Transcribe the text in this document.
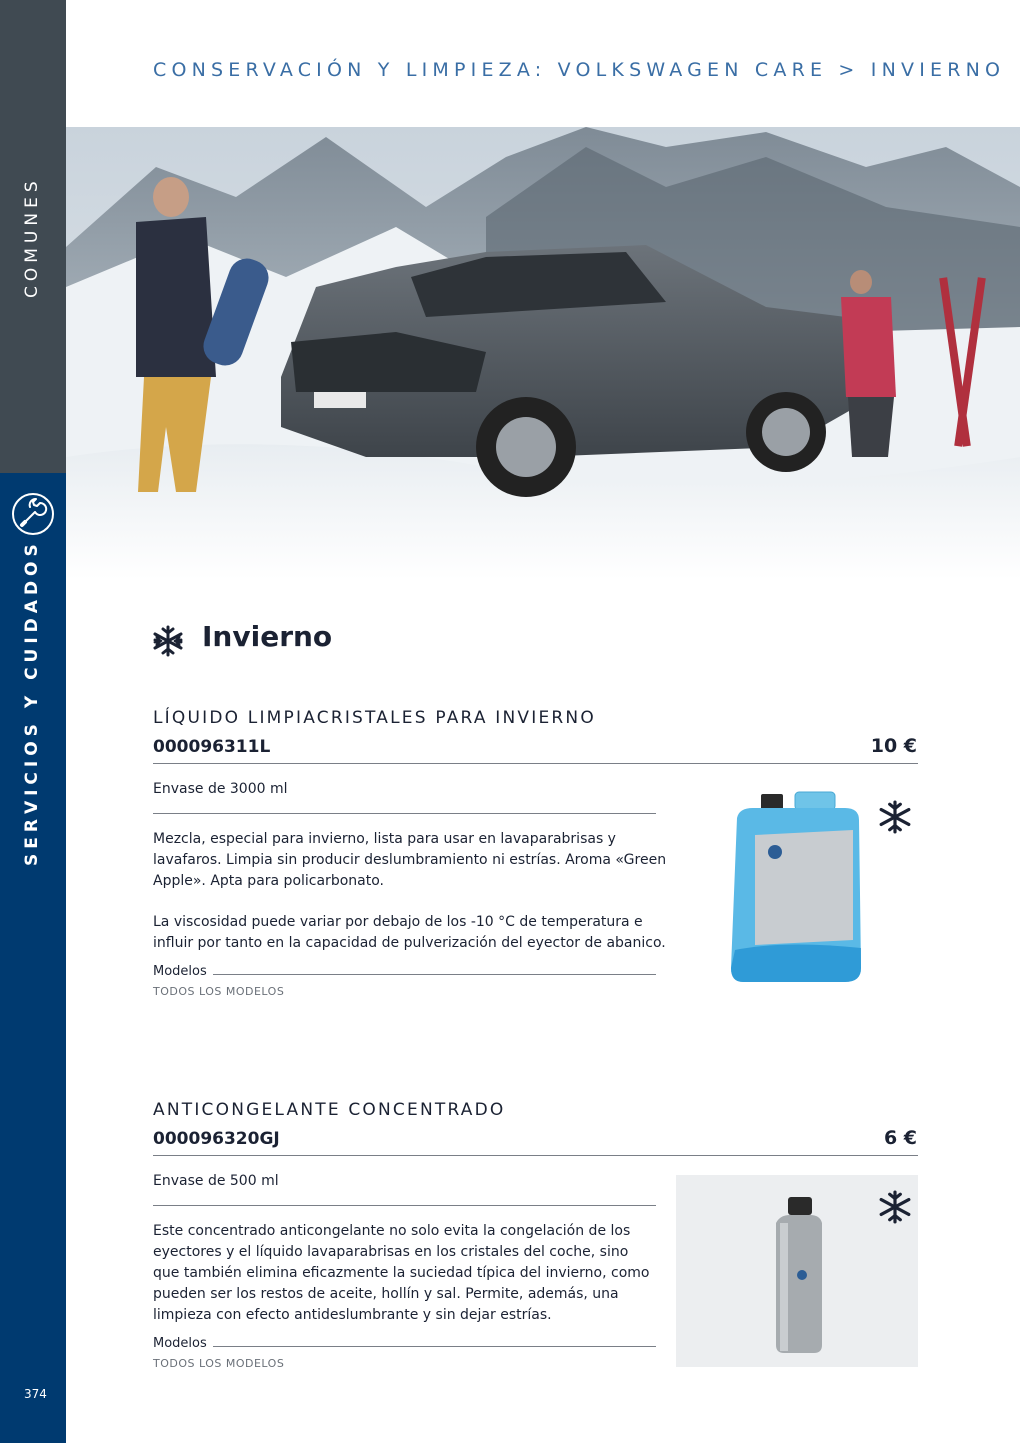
COMUNES
SERVICIOS Y CUIDADOS
374
CONSERVACIÓN Y LIMPIEZA: VOLKSWAGEN CARE > INVIERNO
Invierno
LÍQUIDO LIMPIACRISTALES PARA INVIERNO
000096311L	10 €
Envase de 3000 ml
Mezcla, especial para invierno, lista para usar en lavaparabrisas y lavafaros. Limpia sin producir deslumbramiento ni estrías. Aroma «Green Apple». Apta para policarbonato.
La viscosidad puede variar por debajo de los -10 °C de temperatura e influir por tanto en la capacidad de pulverización del eyector de abanico.
Modelos
TODOS LOS MODELOS
ANTICONGELANTE CONCENTRADO
000096320GJ	6 €
Envase de 500 ml
Este concentrado anticongelante no solo evita la congelación de los eyectores y el líquido lavaparabrisas en los cristales del coche, sino que también elimina eficazmente la suciedad típica del invierno, como pueden ser los restos de aceite, hollín y sal. Permite, además, una limpieza con efecto antideslumbrante y sin dejar estrías.
Modelos
TODOS LOS MODELOS
